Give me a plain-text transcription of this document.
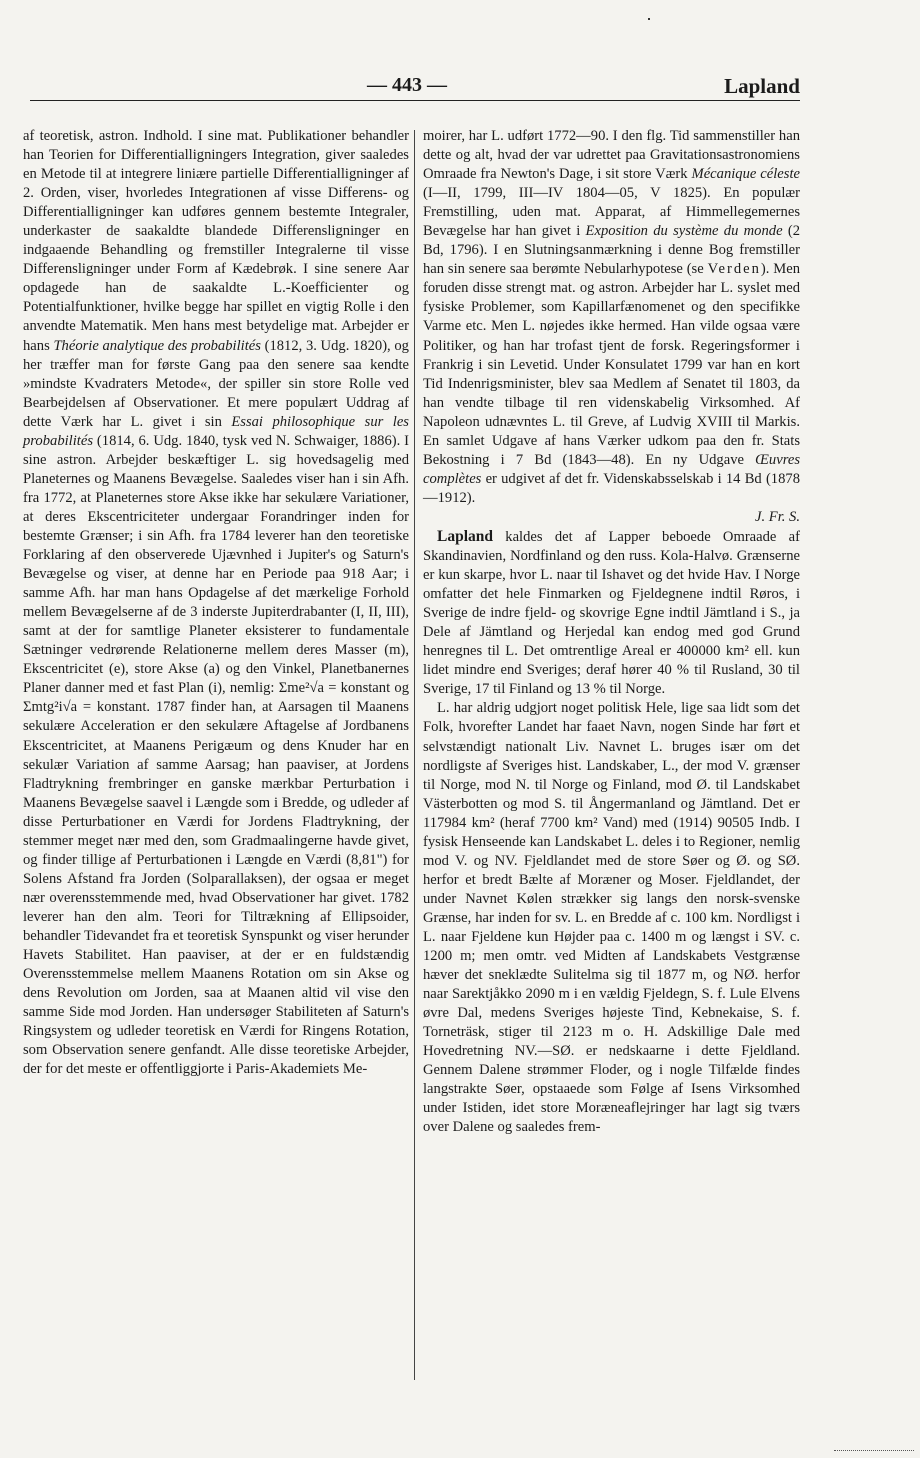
— 443 —	Lapland

af teoretisk, astron. Indhold. I sine mat. Publikationer behandler han Teorien for Differentialligningers Integration, giver saaledes en Metode til at integrere liniære partielle Differentialligninger af 2. Orden, viser, hvorledes Integrationen af visse Differens- og Differentialligninger kan udføres gennem bestemte Integraler, underkaster de saakaldte blandede Differensligninger en indgaaende Behandling og fremstiller Integralerne til visse Differensligninger under Form af Kædebrøk. I sine senere Aar opdagede han de saakaldte L.-Koefficienter og Potentialfunktioner, hvilke begge har spillet en vigtig Rolle i den anvendte Matematik. Men hans mest betydelige mat. Arbejder er hans Théorie analytique des probabilités (1812, 3. Udg. 1820), og her træffer man for første Gang paa den senere saa kendte »mindste Kvadraters Metode«, der spiller sin store Rolle ved Bearbejdelsen af Observationer. Et mere populært Uddrag af dette Værk har L. givet i sin Essai philosophique sur les probabilités (1814, 6. Udg. 1840, tysk ved N. Schwaiger, 1886). I sine astron. Arbejder beskæftiger L. sig hovedsagelig med Planeternes og Maanens Bevægelse. Saaledes viser han i sin Afh. fra 1772, at Planeternes store Akse ikke har sekulære Variationer, at deres Ekscentriciteter undergaar Forandringer inden for bestemte Grænser; i sin Afh. fra 1784 leverer han den teoretiske Forklaring af den observerede Ujævnhed i Jupiter's og Saturn's Bevægelse og viser, at denne har en Periode paa 918 Aar; i samme Afh. har man hans Opdagelse af det mærkelige Forhold mellem Bevægelserne af de 3 inderste Jupiterdrabanter (I, II, III), samt at der for samtlige Planeter eksisterer to fundamentale Sætninger vedrørende Relationerne mellem deres Masser (m), Ekscentricitet (e), store Akse (a) og den Vinkel, Planetbanernes Planer danner med et fast Plan (i), nemlig: Σme²√a = konstant og Σmtg²i√a = konstant. 1787 finder han, at Aarsagen til Maanens sekulære Acceleration er den sekulære Aftagelse af Jordbanens Ekscentricitet, at Maanens Perigæum og dens Knuder har en sekulær Variation af samme Aarsag; han paaviser, at Jordens Fladtrykning frembringer en ganske mærkbar Perturbation i Maanens Bevægelse saavel i Længde som i Bredde, og udleder af disse Perturbationer en Værdi for Jordens Fladtrykning, der stemmer meget nær med den, som Gradmaalingerne havde givet, og finder tillige af Perturbationen i Længde en Værdi (8,81") for Solens Afstand fra Jorden (Solparallaksen), der ogsaa er meget nær overensstemmende med, hvad Observationer har givet. 1782 leverer han den alm. Teori for Tiltrækning af Ellipsoider, behandler Tidevandet fra et teoretisk Synspunkt og viser herunder Havets Stabilitet. Han paaviser, at der er en fuldstændig Overensstemmelse mellem Maanens Rotation om sin Akse og dens Revolution om Jorden, saa at Maanen altid vil vise den samme Side mod Jorden. Han undersøger Stabiliteten af Saturn's Ringsystem og udleder teoretisk en Værdi for Ringens Rotation, som Observation senere genfandt. Alle disse teoretiske Arbejder, der for det meste er offentliggjorte i Paris-Akademiets Me-

moirer, har L. udført 1772—90. I den flg. Tid sammenstiller han dette og alt, hvad der var udrettet paa Gravitationsastronomiens Omraade fra Newton's Dage, i sit store Værk Mécanique céleste (I—II, 1799, III—IV 1804—05, V 1825). En populær Fremstilling, uden mat. Apparat, af Himmellegemernes Bevægelse har han givet i Exposition du système du monde (2 Bd, 1796). I en Slutningsanmærkning i denne Bog fremstiller han sin senere saa berømte Nebularhypotese (se Verden). Men foruden disse strengt mat. og astron. Arbejder har L. syslet med fysiske Problemer, som Kapillarfænomenet og den specifikke Varme etc. Men L. nøjedes ikke hermed. Han vilde ogsaa være Politiker, og han har trofast tjent de forsk. Regeringsformer i Frankrig i sin Levetid. Under Konsulatet 1799 var han en kort Tid Indenrigsminister, blev saa Medlem af Senatet til 1803, da han vendte tilbage til ren videnskabelig Virksomhed. Af Napoleon udnævntes L. til Greve, af Ludvig XVIII til Markis. En samlet Udgave af hans Værker udkom paa den fr. Stats Bekostning i 7 Bd (1843—48). En ny Udgave Œuvres complètes er udgivet af det fr. Videnskabsselskab i 14 Bd (1878—1912).

J. Fr. S.

Lapland kaldes det af Lapper beboede Omraade af Skandinavien, Nordfinland og den russ. Kola-Halvø. Grænserne er kun skarpe, hvor L. naar til Ishavet og det hvide Hav. I Norge omfatter det hele Finmarken og Fjeldegnene indtil Røros, i Sverige de indre fjeld- og skovrige Egne indtil Jämtland i S., ja Dele af Jämtland og Herjedal kan endog med god Grund henregnes til L. Det omtrentlige Areal er 400000 km² ell. kun lidet mindre end Sveriges; deraf hører 40 % til Rusland, 30 til Sverige, 17 til Finland og 13 % til Norge.

L. har aldrig udgjort noget politisk Hele, lige saa lidt som det Folk, hvorefter Landet har faaet Navn, nogen Sinde har ført et selvstændigt nationalt Liv. Navnet L. bruges især om det nordligste af Sveriges hist. Landskaber, L., der mod V. grænser til Norge, mod N. til Norge og Finland, mod Ø. til Landskabet Västerbotten og mod S. til Ångermanland og Jämtland. Det er 117984 km² (heraf 7700 km² Vand) med (1914) 90505 Indb. I fysisk Henseende kan Landskabet L. deles i to Regioner, nemlig mod V. og NV. Fjeldlandet med de store Søer og Ø. og SØ. herfor et bredt Bælte af Moræner og Moser. Fjeldlandet, der under Navnet Kølen strækker sig langs den norsk-svenske Grænse, har inden for sv. L. en Bredde af c. 100 km. Nordligst i L. naar Fjeldene kun Højder paa c. 1400 m og længst i SV. c. 1200 m; men omtr. ved Midten af Landskabets Vestgrænse hæver det sneklædte Sulitelma sig til 1877 m, og NØ. herfor naar Sarektjåkko 2090 m i en vældig Fjeldegn, S. f. Lule Elvens øvre Dal, medens Sveriges højeste Tind, Kebnekaise, S. f. Torneträsk, stiger til 2123 m o. H. Adskillige Dale med Hovedretning NV.—SØ. er nedskaarne i dette Fjeldland. Gennem Dalene strømmer Floder, og i nogle Tilfælde findes langstrakte Søer, opstaaede som Følge af Isens Virksomhed under Istiden, idet store Moræneaflejringer har lagt sig tværs over Dalene og saaledes frem-
